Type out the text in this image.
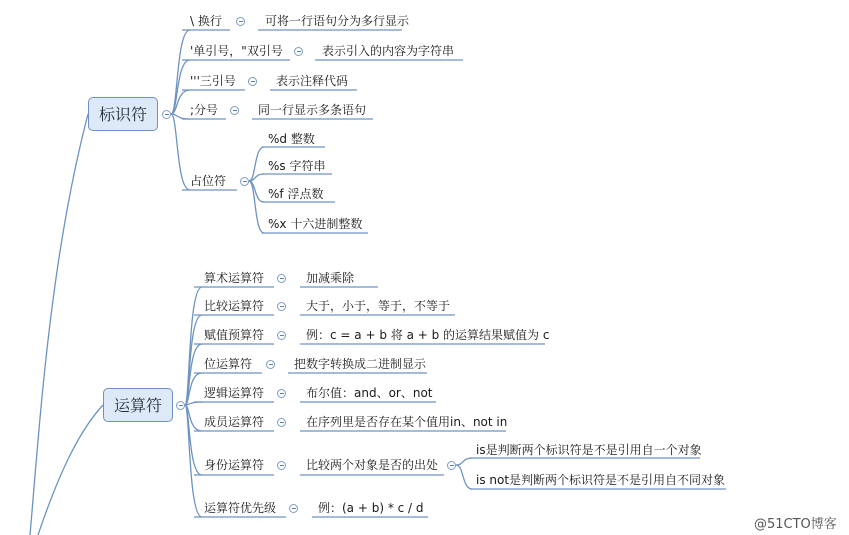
标识符
运算符
\ 换行	可将一行语句分为多行显示
'单引号，"双引号	表示引入的内容为字符串
'''三引号	表示注释代码
;分号	同一行显示多条语句
占位符
%d 整数
%s 字符串
%f 浮点数
%x 十六进制整数
算术运算符	加减乘除
比较运算符	大于，小于，等于，不等于
赋值预算符	例：c = a + b 将 a + b 的运算结果赋值为 c
位运算符	把数字转换成二进制显示
逻辑运算符	布尔值：and、or、not
成员运算符	在序列里是否存在某个值用in、not in
身份运算符	比较两个对象是否的出处
is是判断两个标识符是不是引用自一个对象
is not是判断两个标识符是不是引用自不同对象
运算符优先级	例：(a + b) * c / d
@51CTO博客
